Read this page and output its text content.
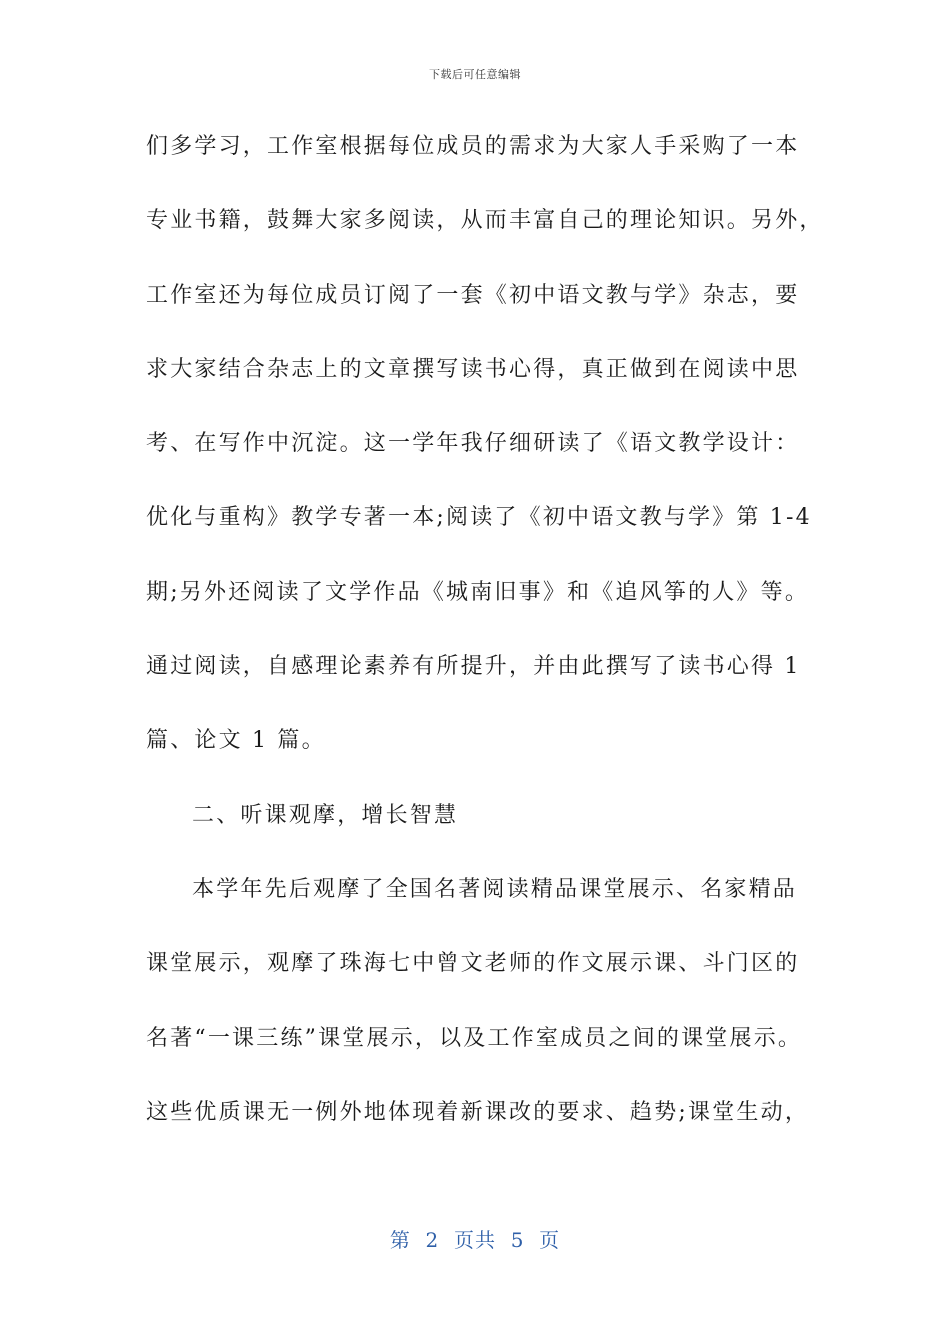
下载后可任意编辑
们多学习，工作室根据每位成员的需求为大家人手采购了一本
专业书籍，鼓舞大家多阅读，从而丰富自己的理论知识。另外，
工作室还为每位成员订阅了一套《初中语文教与学》杂志，要
求大家结合杂志上的文章撰写读书心得，真正做到在阅读中思
考、在写作中沉淀。这一学年我仔细研读了《语文教学设计：
优化与重构》教学专著一本;阅读了《初中语文教与学》第 1-4
期;另外还阅读了文学作品《城南旧事》和《追风筝的人》等。
通过阅读，自感理论素养有所提升，并由此撰写了读书心得 1
篇、论文 1 篇。
二、听课观摩，增长智慧
本学年先后观摩了全国名著阅读精品课堂展示、名家精品
课堂展示，观摩了珠海七中曾文老师的作文展示课、斗门区的
名著“一课三练”课堂展示，以及工作室成员之间的课堂展示。
这些优质课无一例外地体现着新课改的要求、趋势;课堂生动，
第  2  页共  5  页
